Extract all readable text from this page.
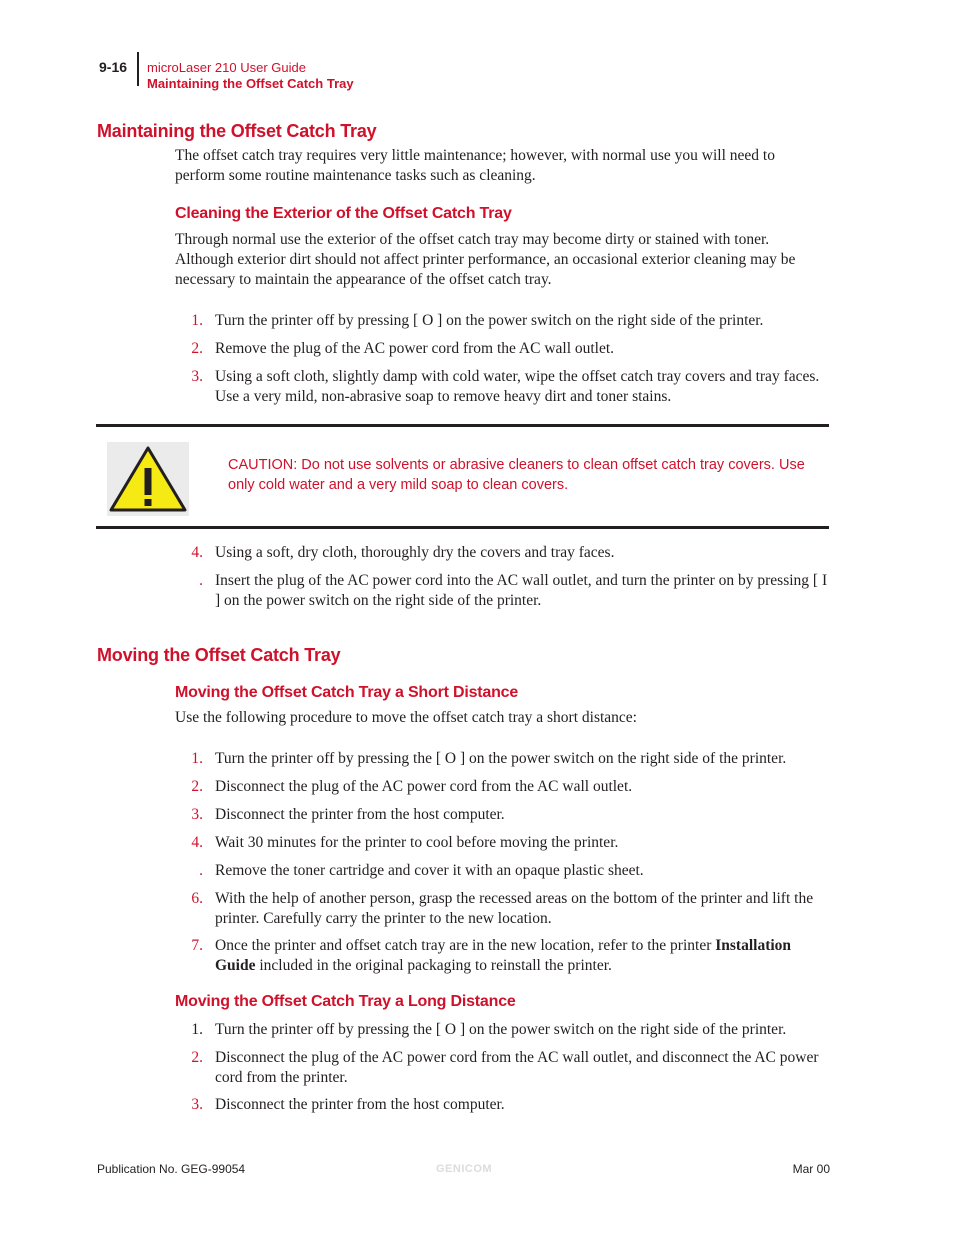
9-16 microLaser 210 User Guide
Maintaining the Offset Catch Tray
Maintaining the Offset Catch Tray

The offset catch tray requires very little maintenance; however, with normal use you will need to perform some routine maintenance tasks such as cleaning.

Cleaning the Exterior of the Offset Catch Tray

Through normal use the exterior of the offset catch tray may become dirty or stained with toner. Although exterior dirt should not affect printer performance, an occasional exterior cleaning may be necessary to maintain the appearance of the offset catch tray.

1. Turn the printer off by pressing [ O ] on the power switch on the right side of the printer.
2. Remove the plug of the AC power cord from the AC wall outlet.
3. Using a soft cloth, slightly damp with cold water, wipe the offset catch tray covers and tray faces. Use a very mild, non-abrasive soap to remove heavy dirt and toner stains.
CAUTION: Do not use solvents or abrasive cleaners to clean offset catch tray covers. Use only cold water and a very mild soap to clean covers.
4. Using a soft, dry cloth, thoroughly dry the covers and tray faces.
. Insert the plug of the AC power cord into the AC wall outlet, and turn the printer on by pressing [ I ] on the power switch on the right side of the printer.
Moving the Offset Catch Tray
Moving the Offset Catch Tray a Short Distance

Use the following procedure to move the offset catch tray a short distance:

1. Turn the printer off by pressing the [ O ] on the power switch on the right side of the printer.
2. Disconnect the plug of the AC power cord from the AC wall outlet.
3. Disconnect the printer from the host computer.
4. Wait 30 minutes for the printer to cool before moving the printer.
. Remove the toner cartridge and cover it with an opaque plastic sheet.
6. With the help of another person, grasp the recessed areas on the bottom of the printer and lift the printer. Carefully carry the printer to the new location.
7. Once the printer and offset catch tray are in the new location, refer to the printer Installation Guide included in the original packaging to reinstall the printer.
Moving the Offset Catch Tray a Long Distance
1. Turn the printer off by pressing the [ O ] on the power switch on the right side of the printer.
2. Disconnect the plug of the AC power cord from the AC wall outlet, and disconnect the AC power cord from the printer.
3. Disconnect the printer from the host computer.
Publication No. GEG-99054	GENICOM	Mar 00
